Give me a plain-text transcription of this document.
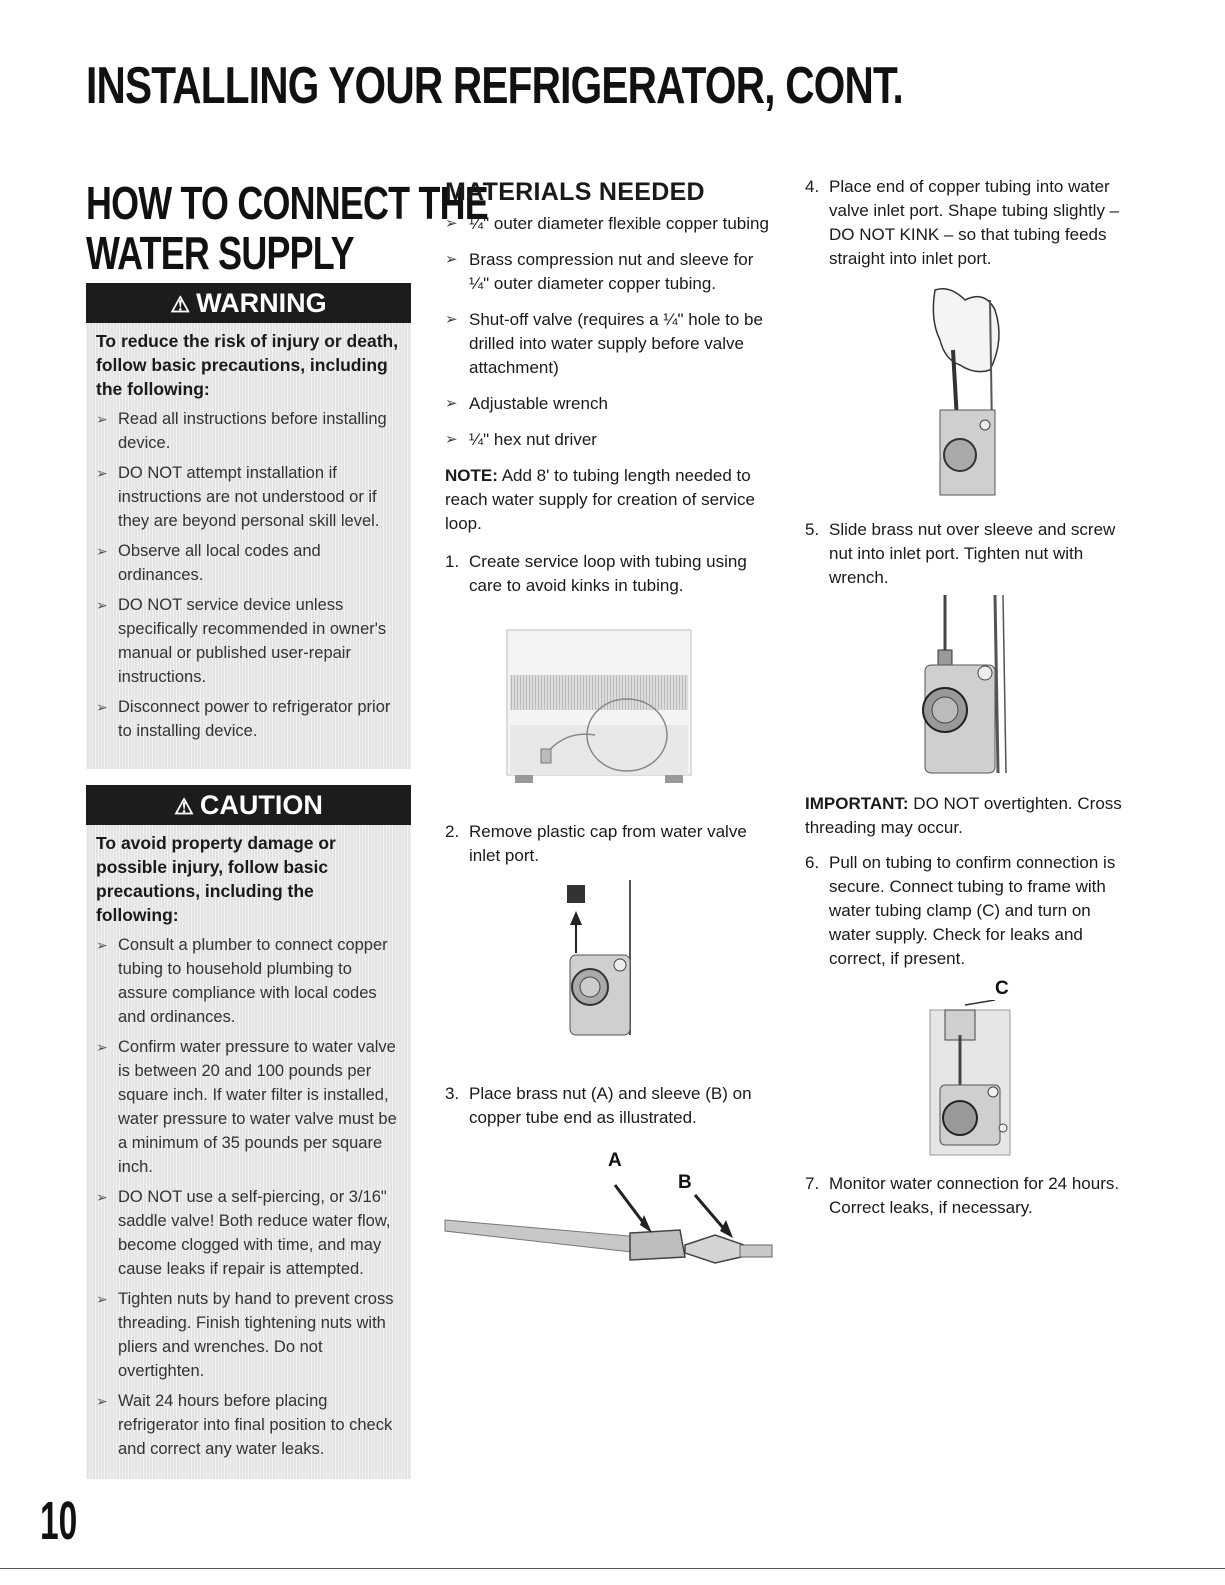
INSTALLING YOUR REFRIGERATOR, CONT.
HOW TO CONNECT THE
WATER SUPPLY
⚠ WARNING

To reduce the risk of injury or death, follow basic precautions, including the following:

➢ Read all instructions before installing device.
➢ DO NOT attempt installation if instructions are not understood or if they are beyond personal skill level.
➢ Observe all local codes and ordinances.
➢ DO NOT service device unless specifically recommended in owner's manual or published user-repair instructions.
➢ Disconnect power to refrigerator prior to installing device.
⚠ CAUTION

To avoid property damage or possible injury, follow basic precautions, including the following:

➢ Consult a plumber to connect copper tubing to household plumbing to assure compliance with local codes and ordinances.
➢ Confirm water pressure to water valve is between 20 and 100 pounds per square inch. If water filter is installed, water pressure to water valve must be a minimum of 35 pounds per square inch.
➢ DO NOT use a self-piercing, or 3/16" saddle valve! Both reduce water flow, become clogged with time, and may cause leaks if repair is attempted.
➢ Tighten nuts by hand to prevent cross threading. Finish tightening nuts with pliers and wrenches. Do not overtighten.
➢ Wait 24 hours before placing refrigerator into final position to check and correct any water leaks.
MATERIALS NEEDED
➢ ¼" outer diameter flexible copper tubing
➢ Brass compression nut and sleeve for ¼" outer diameter copper tubing.
➢ Shut-off valve (requires a ¼" hole to be drilled into water supply before valve attachment)
➢ Adjustable wrench
➢ ¼" hex nut driver

NOTE: Add 8' to tubing length needed to reach water supply for creation of service loop.

1. Create service loop with tubing using care to avoid kinks in tubing.
2. Remove plastic cap from water valve inlet port.
3. Place brass nut (A) and sleeve (B) on copper tube end as illustrated.
A
B
4. Place end of copper tubing into water valve inlet port. Shape tubing slightly – DO NOT KINK – so that tubing feeds straight into inlet port.
5. Slide brass nut over sleeve and screw nut into inlet port. Tighten nut with wrench.
IMPORTANT: DO NOT overtighten. Cross threading may occur.
6. Pull on tubing to confirm connection is secure. Connect tubing to frame with water tubing clamp (C) and turn on water supply. Check for leaks and correct, if present.
C
7. Monitor water connection for 24 hours. Correct leaks, if necessary.
10
